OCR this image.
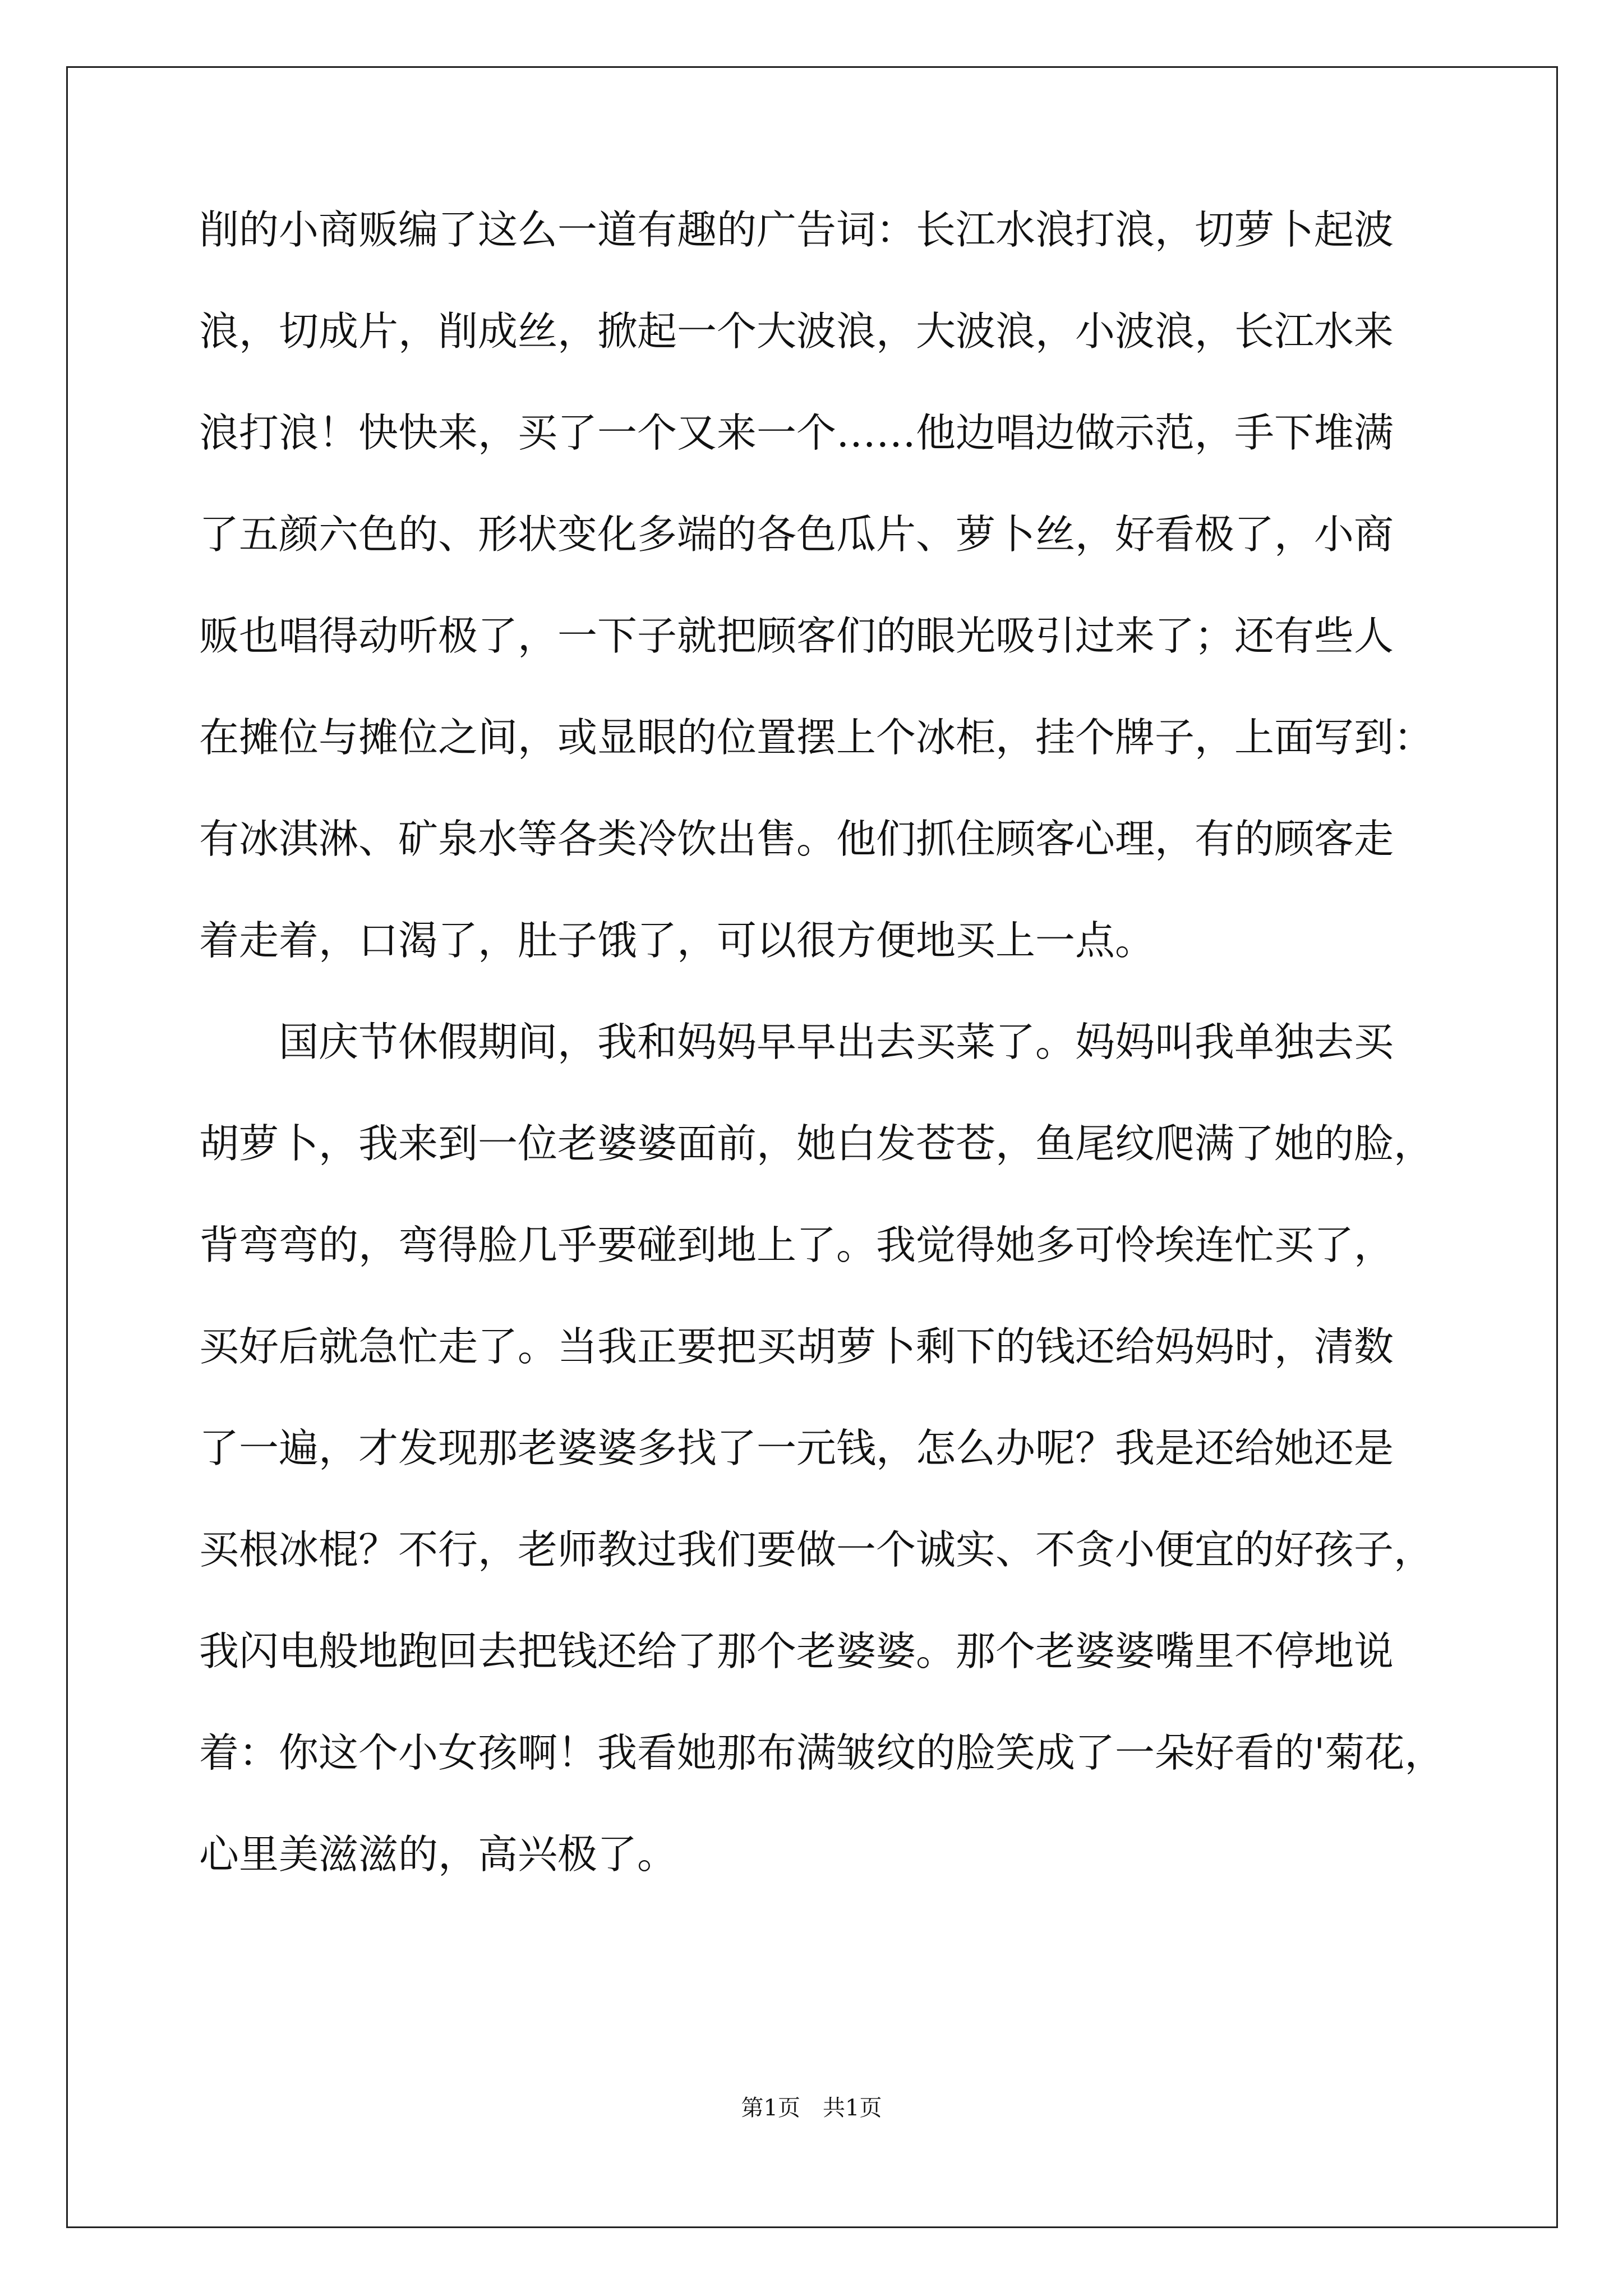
削的小商贩编了这么一道有趣的广告词：长江水浪打浪，切萝卜起波
浪，切成片，削成丝，掀起一个大波浪，大波浪，小波浪，长江水来
浪打浪！快快来，买了一个又来一个……他边唱边做示范，手下堆满
了五颜六色的、形状变化多端的各色瓜片、萝卜丝，好看极了，小商
贩也唱得动听极了，一下子就把顾客们的眼光吸引过来了；还有些人
在摊位与摊位之间，或显眼的位置摆上个冰柜，挂个牌子，上面写到：
有冰淇淋、矿泉水等各类冷饮出售。他们抓住顾客心理，有的顾客走
着走着，口渴了，肚子饿了，可以很方便地买上一点。
国庆节休假期间，我和妈妈早早出去买菜了。妈妈叫我单独去买
胡萝卜，我来到一位老婆婆面前，她白发苍苍，鱼尾纹爬满了她的脸，
背弯弯的，弯得脸几乎要碰到地上了。我觉得她多可怜埃连忙买了，
买好后就急忙走了。当我正要把买胡萝卜剩下的钱还给妈妈时，清数
了一遍，才发现那老婆婆多找了一元钱，怎么办呢？我是还给她还是
买根冰棍？不行，老师教过我们要做一个诚实、不贪小便宜的好孩子，
我闪电般地跑回去把钱还给了那个老婆婆。那个老婆婆嘴里不停地说
着：你这个小女孩啊！我看她那布满皱纹的脸笑成了一朵好看的'菊花，
心里美滋滋的，高兴极了。
第1页　共1页
